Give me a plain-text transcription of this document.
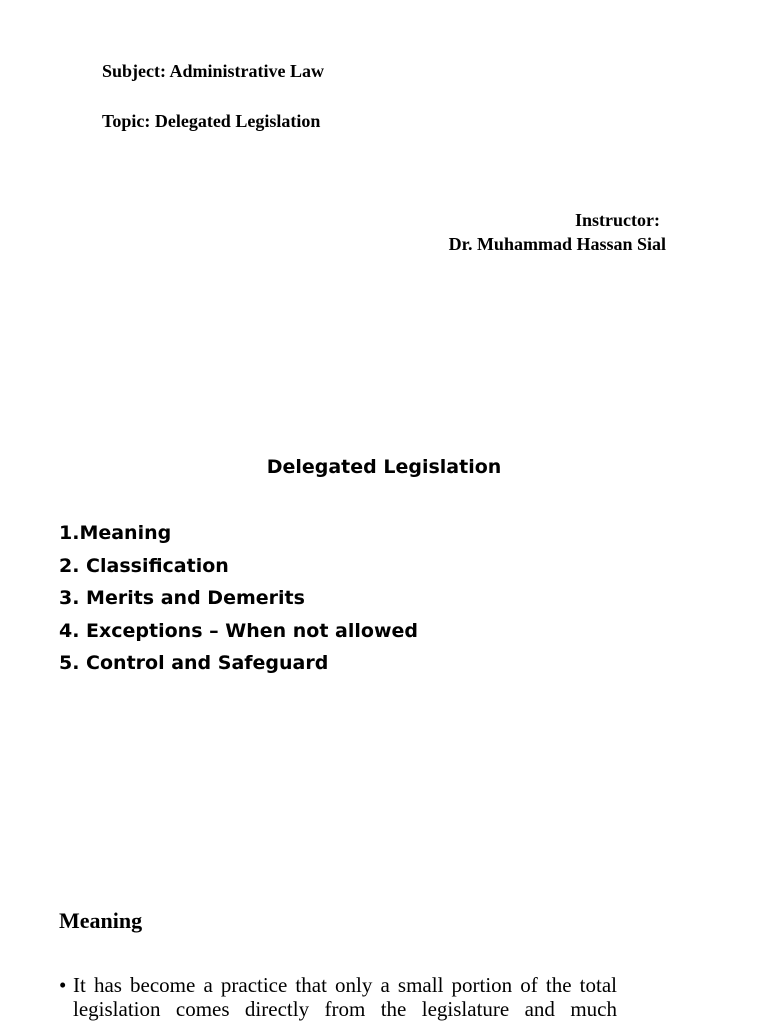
Subject: Administrative Law
Topic: Delegated Legislation
Instructor:
Dr. Muhammad Hassan Sial
Delegated Legislation
1.Meaning
2. Classification
3. Merits and Demerits
4. Exceptions – When not allowed
5. Control and Safeguard
Meaning
• It has become a practice that only a small portion of the total
legislation comes directly from the legislature and much
